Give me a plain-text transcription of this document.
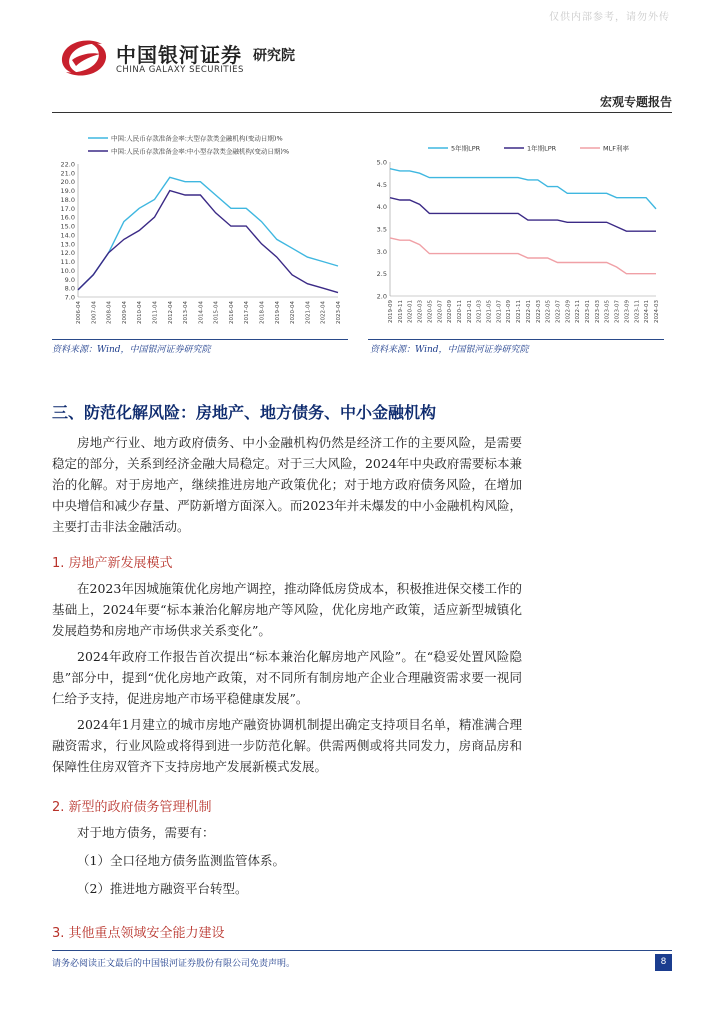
仅供内部参考，请勿外传
中国银河证券
CHINA GALAXY SECURITIES
研究院
宏观专题报告
7.0
8.0
9.0
10.0
11.0
12.0
13.0
14.0
15.0
16.0
17.0
18.0
19.0
20.0
21.0
22.0
2006-04 2007-04 2008-04 2009-04 2010-04 2011-04 2012-04 2013-04 2014-04 2015-04 2016-04 2017-04 2018-04 2019-04 2020-04 2021-04 2022-04 2023-04
中国:人民币存款准备金率:大型存款类金融机构(变动日期)%
中国:人民币存款准备金率:中小型存款类金融机构(变动日期)%
2.0
2.5
3.0
3.5
4.0
4.5
5.0
2019-09 2019-11 2020-01 2020-03 2020-05 2020-07 2020-09 2020-11 2021-01 2021-03 2021-05 2021-07 2021-09 2021-11 2022-01 2022-03 2022-05 2022-07 2022-09 2022-11 2023-01 2023-03 2023-05 2023-07 2023-09 2023-11 2024-01 2024-03
5年期LPR	1年期LPR	MLF利率
资料来源：Wind，中国银河证券研究院	资料来源：Wind，中国银河证券研究院
三、防范化解风险：房地产、地方债务、中小金融机构
房地产行业、地方政府债务、中小金融机构仍然是经济工作的主要风险，是需要稳定的部分，关系到经济金融大局稳定。对于三大风险，2024年中央政府需要标本兼治的化解。对于房地产，继续推进房地产政策优化；对于地方政府债务风险，在增加中央增信和减少存量、严防新增方面深入。而2023年并未爆发的中小金融机构风险，主要打击非法金融活动。
1. 房地产新发展模式
在2023年因城施策优化房地产调控，推动降低房贷成本，积极推进保交楼工作的基础上，2024年要“标本兼治化解房地产等风险，优化房地产政策，适应新型城镇化发展趋势和房地产市场供求关系变化”。
2024年政府工作报告首次提出“标本兼治化解房地产风险”。在“稳妥处置风险隐患”部分中，提到“优化房地产政策，对不同所有制房地产企业合理融资需求要一视同仁给予支持，促进房地产市场平稳健康发展”。
2024年1月建立的城市房地产融资协调机制提出确定支持项目名单，精准满合理融资需求，行业风险或将得到进一步防范化解。供需两侧或将共同发力，房商品房和保障性住房双管齐下支持房地产发展新模式发展。
2. 新型的政府债务管理机制
对于地方债务，需要有：
（1）全口径地方债务监测监管体系。
（2）推进地方融资平台转型。
3. 其他重点领域安全能力建设
请务必阅读正文最后的中国银河证券股份有限公司免责声明。	8
